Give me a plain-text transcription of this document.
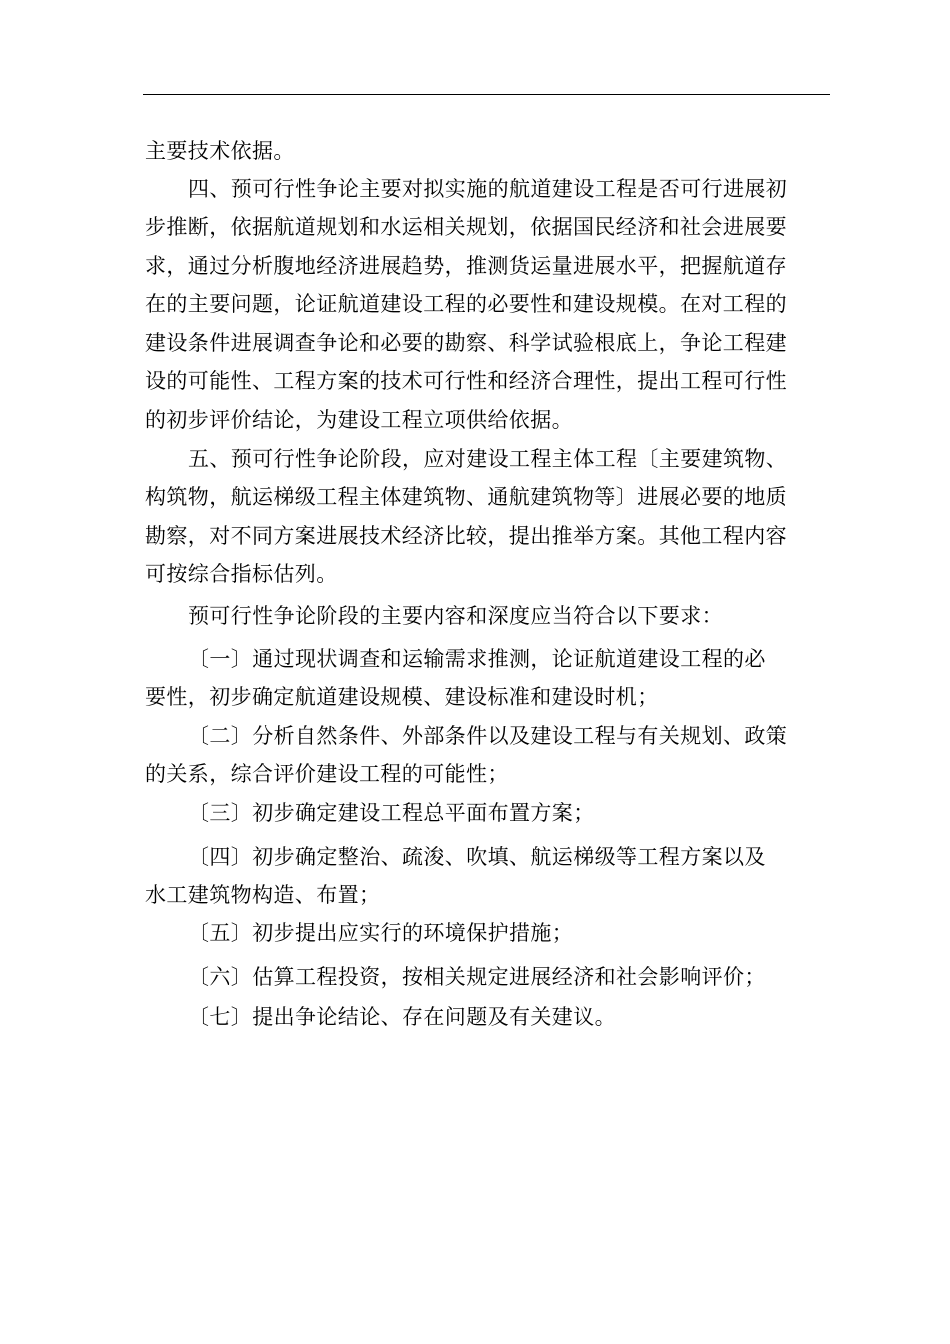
主要技术依据。
四、预可行性争论主要对拟实施的航道建设工程是否可行进展初
步推断，依据航道规划和水运相关规划，依据国民经济和社会进展要
求，通过分析腹地经济进展趋势，推测货运量进展水平，把握航道存
在的主要问题，论证航道建设工程的必要性和建设规模。在对工程的
建设条件进展调查争论和必要的勘察、科学试验根底上，争论工程建
设的可能性、工程方案的技术可行性和经济合理性，提出工程可行性
的初步评价结论，为建设工程立项供给依据。
五、预可行性争论阶段，应对建设工程主体工程〔主要建筑物、
构筑物，航运梯级工程主体建筑物、通航建筑物等〕进展必要的地质
勘察，对不同方案进展技术经济比较，提出推举方案。其他工程内容
可按综合指标估列。
预可行性争论阶段的主要内容和深度应当符合以下要求：
〔一〕通过现状调查和运输需求推测，论证航道建设工程的必
要性，初步确定航道建设规模、建设标准和建设时机；
〔二〕分析自然条件、外部条件以及建设工程与有关规划、政策
的关系，综合评价建设工程的可能性；
〔三〕初步确定建设工程总平面布置方案；
〔四〕初步确定整治、疏浚、吹填、航运梯级等工程方案以及
水工建筑物构造、布置；
〔五〕初步提出应实行的环境保护措施；
〔六〕估算工程投资，按相关规定进展经济和社会影响评价；
〔七〕提出争论结论、存在问题及有关建议。
